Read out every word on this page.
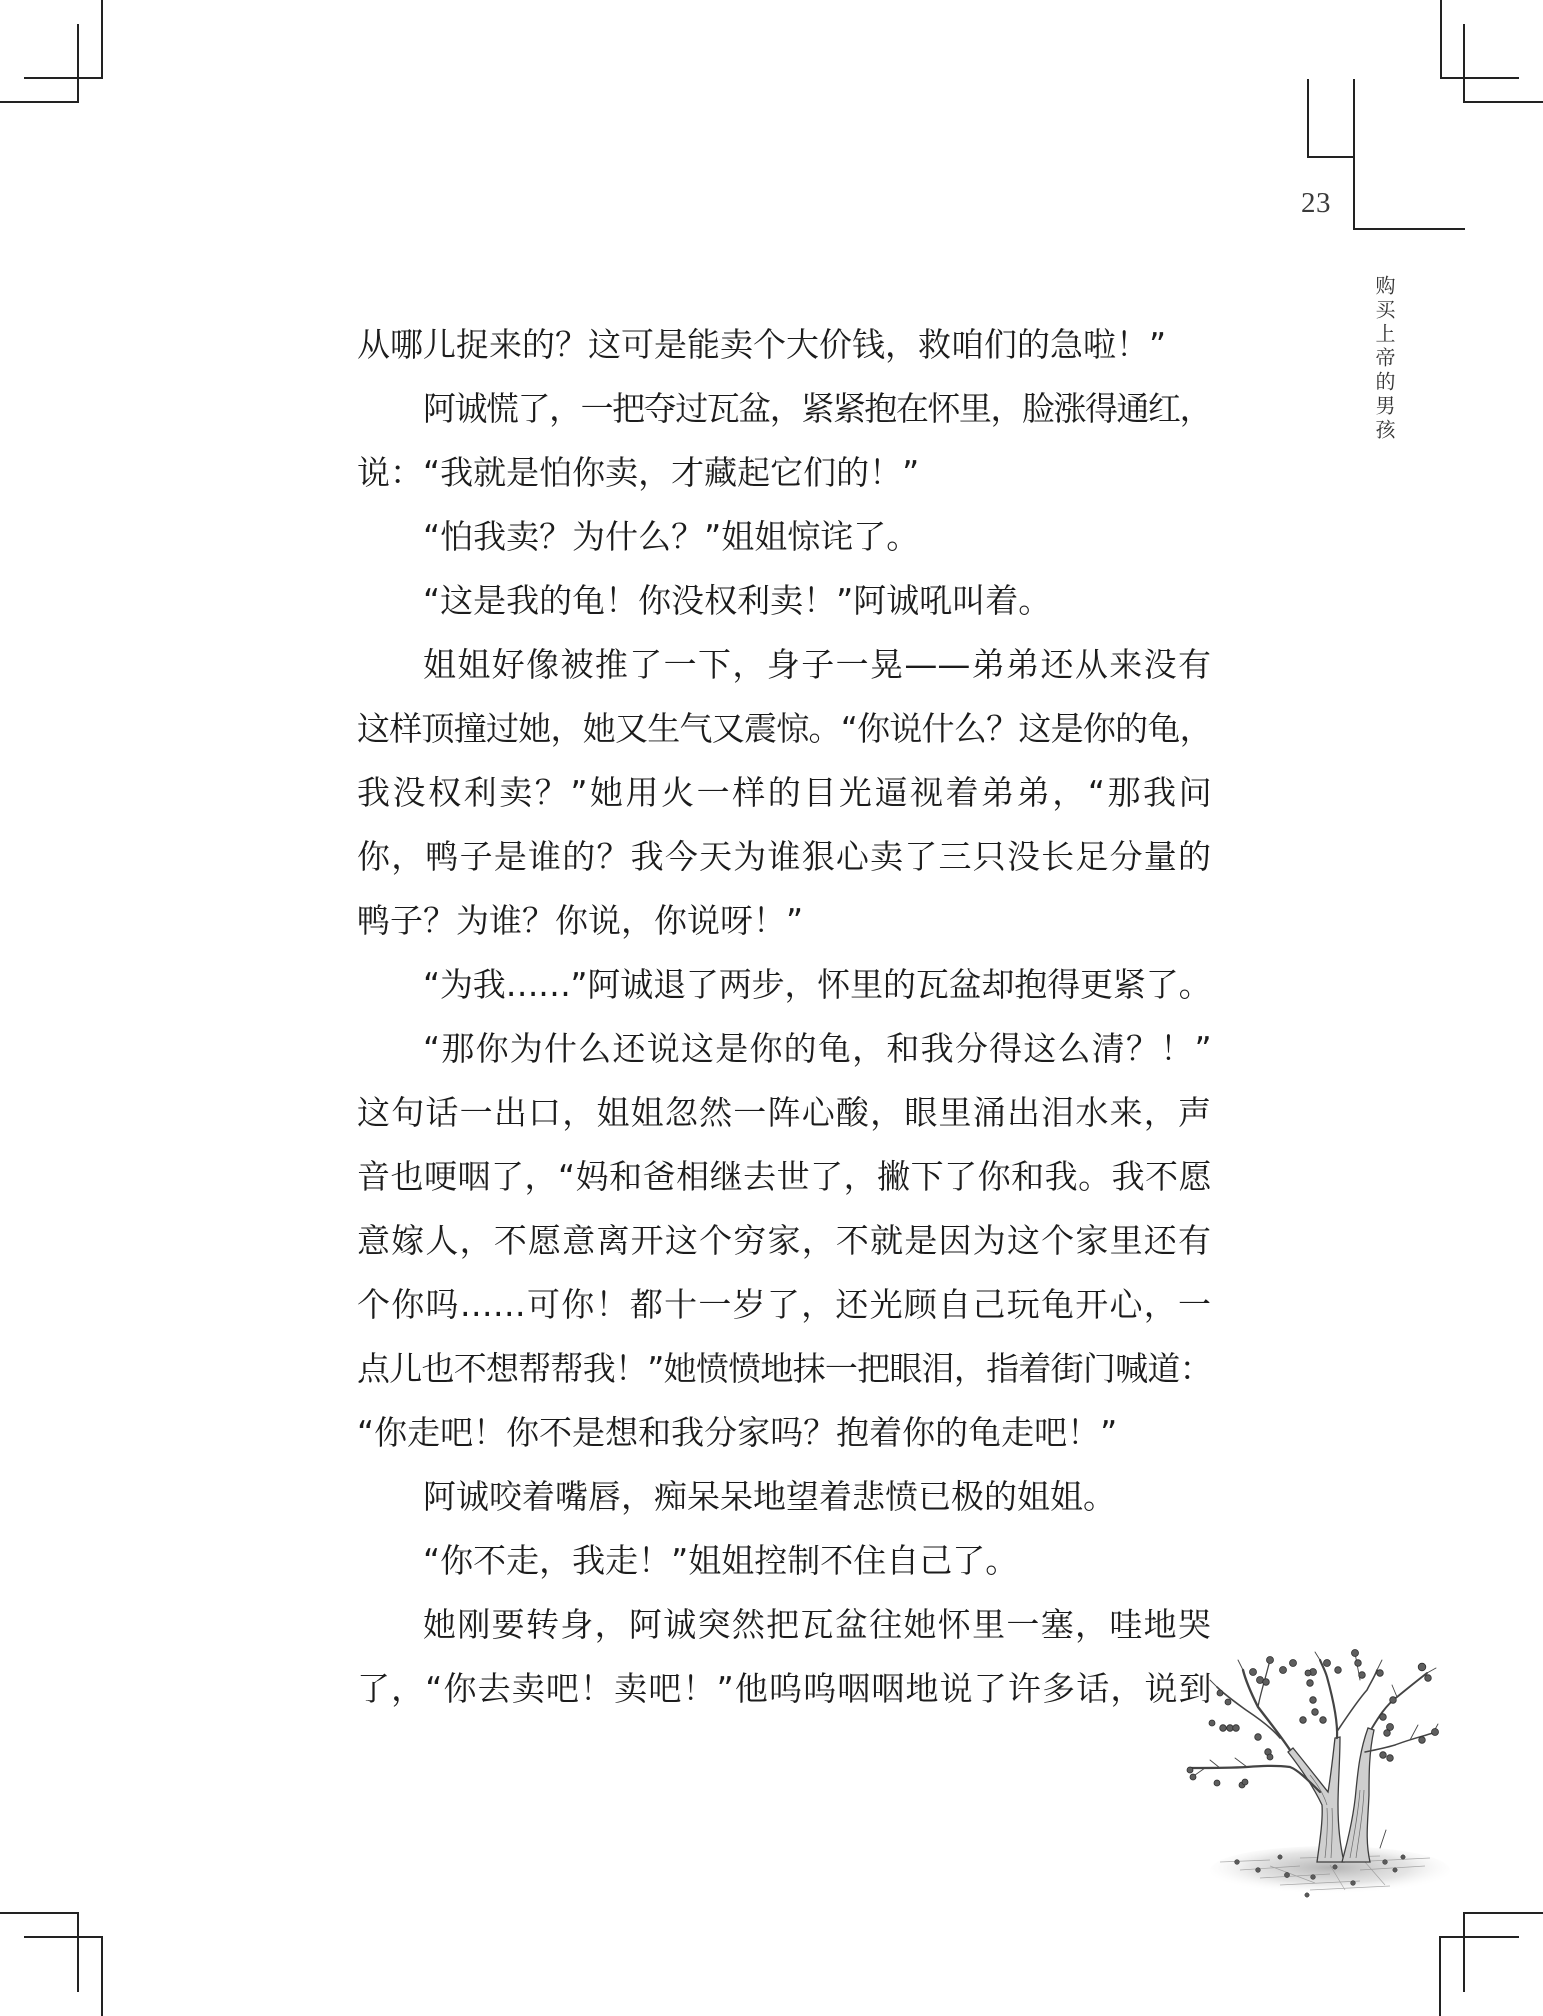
23
购买上帝的男孩
从哪儿捉来的？这可是能卖个大价钱，救咱们的急啦！”
阿诚慌了，一把夺过瓦盆，紧紧抱在怀里，脸涨得通红，
说：“我就是怕你卖，才藏起它们的！”
“怕我卖？为什么？”姐姐惊诧了。
“这是我的龟！你没权利卖！”阿诚吼叫着。
姐姐好像被推了一下，身子一晃——弟弟还从来没有
这样顶撞过她，她又生气又震惊。“你说什么？这是你的龟，
我没权利卖？”她用火一样的目光逼视着弟弟，“那我问
你，鸭子是谁的？我今天为谁狠心卖了三只没长足分量的
鸭子？为谁？你说，你说呀！”
“为我……”阿诚退了两步，怀里的瓦盆却抱得更紧了。
“那你为什么还说这是你的龟，和我分得这么清？！”
这句话一出口，姐姐忽然一阵心酸，眼里涌出泪水来，声
音也哽咽了，“妈和爸相继去世了，撇下了你和我。我不愿
意嫁人，不愿意离开这个穷家，不就是因为这个家里还有
个你吗……可你！都十一岁了，还光顾自己玩龟开心，一
点儿也不想帮帮我！”她愤愤地抹一把眼泪，指着街门喊道：
“你走吧！你不是想和我分家吗？抱着你的龟走吧！”
阿诚咬着嘴唇，痴呆呆地望着悲愤已极的姐姐。
“你不走，我走！”姐姐控制不住自己了。
她刚要转身，阿诚突然把瓦盆往她怀里一塞，哇地哭
了，“你去卖吧！卖吧！”他呜呜咽咽地说了许多话，说到
